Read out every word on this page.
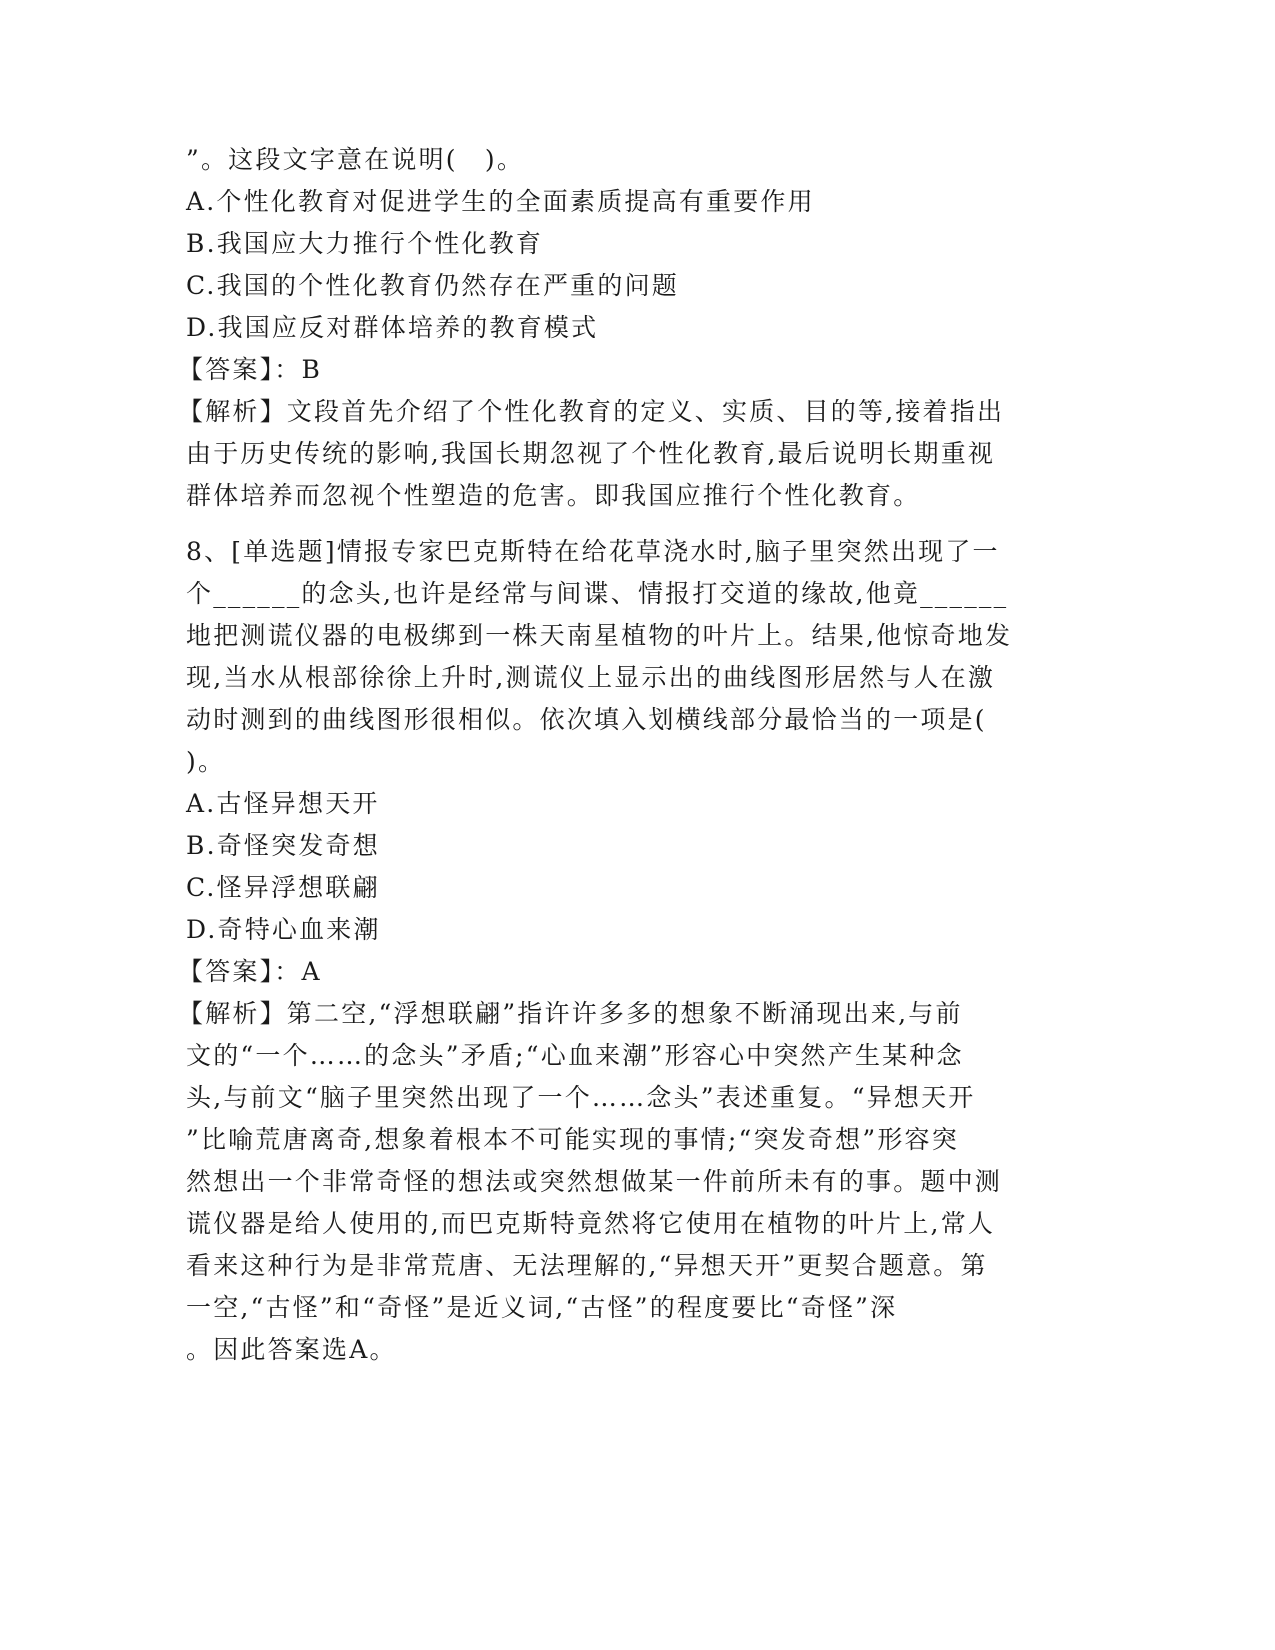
”。这段文字意在说明(　)。
A.个性化教育对促进学生的全面素质提高有重要作用
B.我国应大力推行个性化教育
C.我国的个性化教育仍然存在严重的问题
D.我国应反对群体培养的教育模式
【答案】：B
【解析】文段首先介绍了个性化教育的定义、实质、目的等,接着指出
由于历史传统的影响,我国长期忽视了个性化教育,最后说明长期重视
群体培养而忽视个性塑造的危害。即我国应推行个性化教育。
8、[单选题]情报专家巴克斯特在给花草浇水时,脑子里突然出现了一
个______的念头,也许是经常与间谍、情报打交道的缘故,他竟______
地把测谎仪器的电极绑到一株天南星植物的叶片上。结果,他惊奇地发
现,当水从根部徐徐上升时,测谎仪上显示出的曲线图形居然与人在激
动时测到的曲线图形很相似。依次填入划横线部分最恰当的一项是(
)。
A.古怪异想天开
B.奇怪突发奇想
C.怪异浮想联翩
D.奇特心血来潮
【答案】：A
【解析】第二空,“浮想联翩”指许许多多的想象不断涌现出来,与前
文的“一个……的念头”矛盾;“心血来潮”形容心中突然产生某种念
头,与前文“脑子里突然出现了一个……念头”表述重复。“异想天开
”比喻荒唐离奇,想象着根本不可能实现的事情;“突发奇想”形容突
然想出一个非常奇怪的想法或突然想做某一件前所未有的事。题中测
谎仪器是给人使用的,而巴克斯特竟然将它使用在植物的叶片上,常人
看来这种行为是非常荒唐、无法理解的,“异想天开”更契合题意。第
一空,“古怪”和“奇怪”是近义词,“古怪”的程度要比“奇怪”深
。因此答案选A。
